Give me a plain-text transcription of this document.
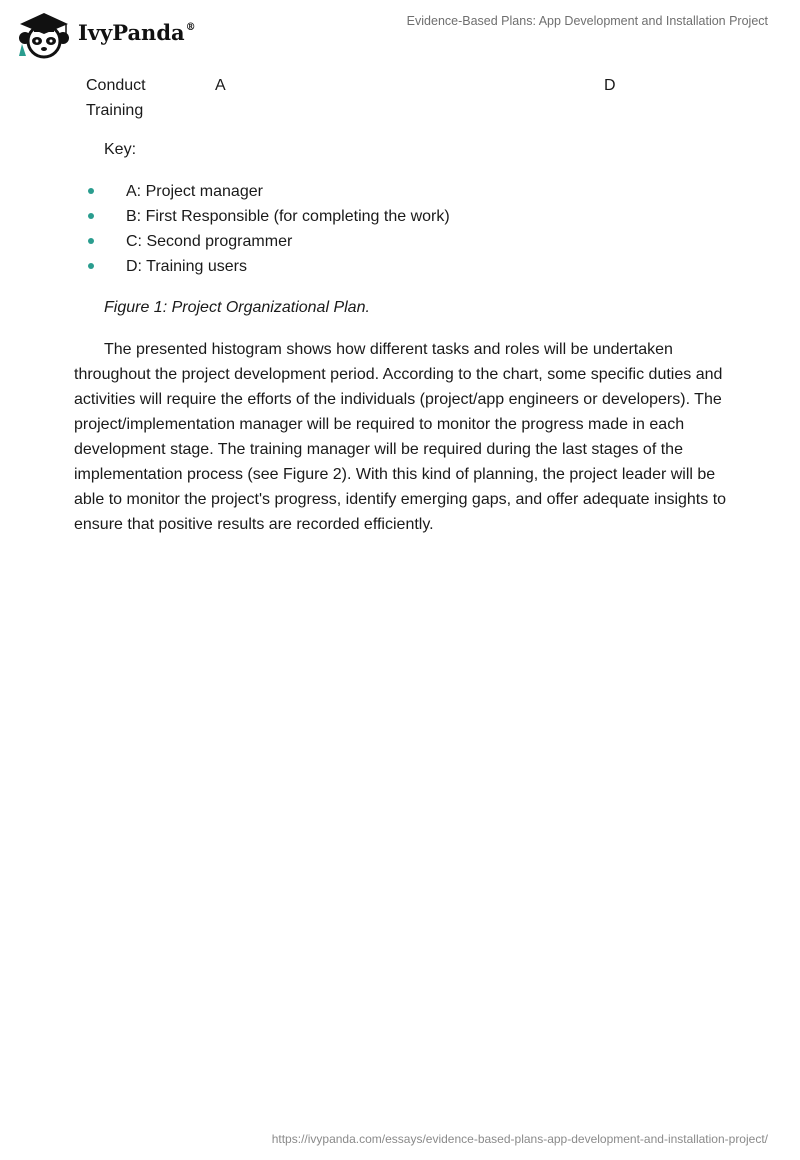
IvyPanda®	Evidence-Based Plans: App Development and Installation Project
Conduct Training
A	D
Key:
A: Project manager
B: First Responsible (for completing the work)
C: Second programmer
D: Training users
Figure 1: Project Organizational Plan.

The presented histogram shows how different tasks and roles will be undertaken throughout the project development period. According to the chart, some specific duties and activities will require the efforts of the individuals (project/app engineers or developers). The project/implementation manager will be required to monitor the progress made in each development stage. The training manager will be required during the last stages of the implementation process (see Figure 2). With this kind of planning, the project leader will be able to monitor the project's progress, identify emerging gaps, and offer adequate insights to ensure that positive results are recorded efficiently.

https://ivypanda.com/essays/evidence-based-plans-app-development-and-installation-project/
